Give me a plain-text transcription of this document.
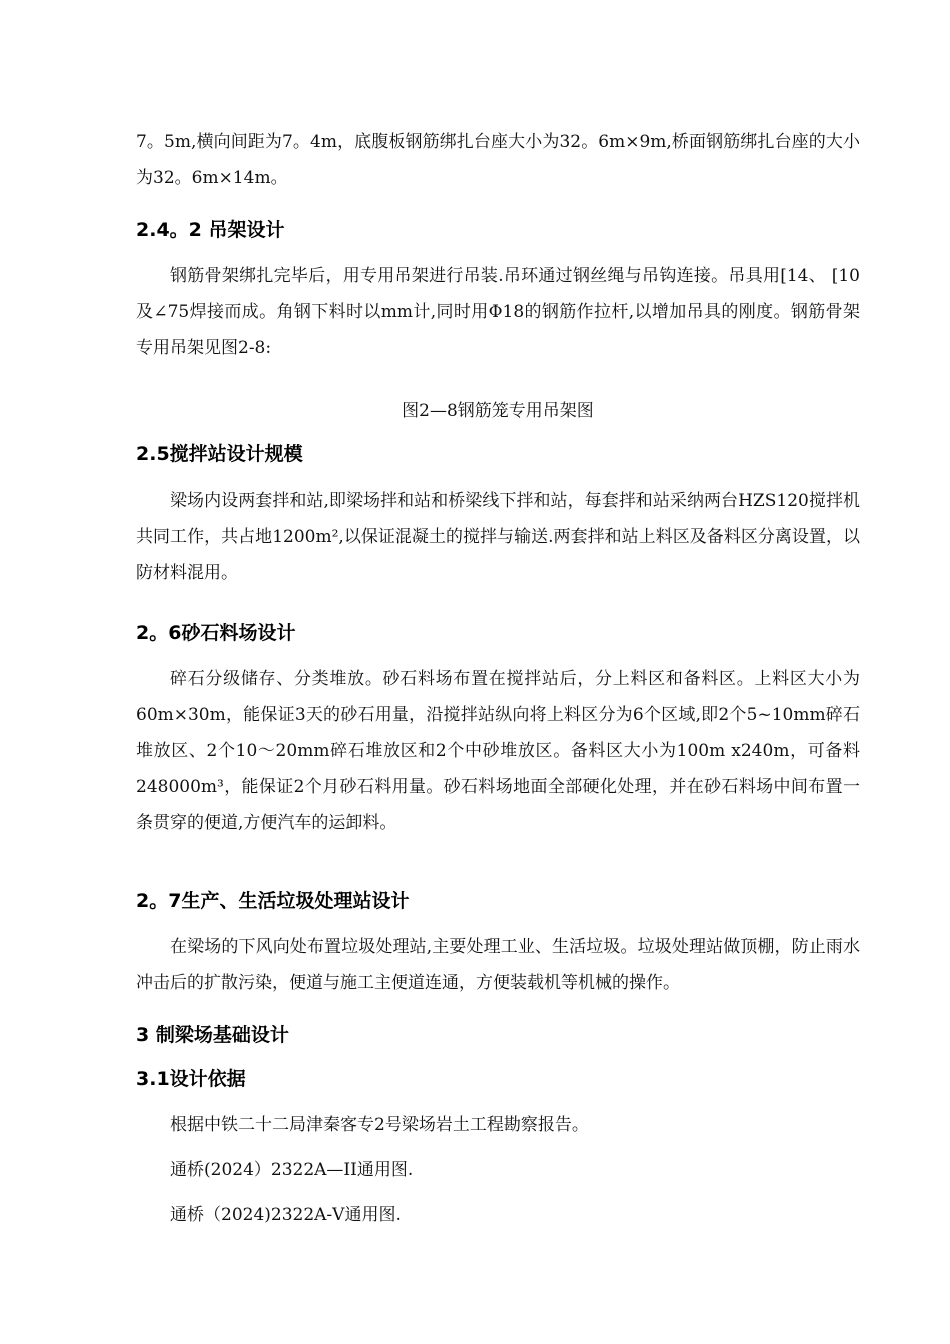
7。5m,横向间距为7。4m，底腹板钢筋绑扎台座大小为32。6m×9m,桥面钢筋绑扎台座的大小为32。6m×14m。

2.4。2 吊架设计

钢筋骨架绑扎完毕后，用专用吊架进行吊装.吊环通过钢丝绳与吊钩连接。吊具用[14、 [10及∠75焊接而成。角钢下料时以mm计,同时用Φ18的钢筋作拉杆,以增加吊具的刚度。钢筋骨架专用吊架见图2-8:

图2—8钢筋笼专用吊架图

2.5搅拌站设计规模

梁场内设两套拌和站,即梁场拌和站和桥梁线下拌和站，每套拌和站采纳两台HZS120搅拌机共同工作，共占地1200m²,以保证混凝土的搅拌与输送.两套拌和站上料区及备料区分离设置，以防材料混用。

2。6砂石料场设计

碎石分级储存、分类堆放。砂石料场布置在搅拌站后，分上料区和备料区。上料区大小为60m×30m，能保证3天的砂石用量，沿搅拌站纵向将上料区分为6个区域,即2个5~10mm碎石堆放区、2个10～20mm碎石堆放区和2个中砂堆放区。备料区大小为100m x240m，可备料248000m³，能保证2个月砂石料用量。砂石料场地面全部硬化处理，并在砂石料场中间布置一条贯穿的便道,方便汽车的运卸料。

2。7生产、生活垃圾处理站设计

在梁场的下风向处布置垃圾处理站,主要处理工业、生活垃圾。垃圾处理站做顶棚，防止雨水冲击后的扩散污染，便道与施工主便道连通，方便装载机等机械的操作。

3 制梁场基础设计
3.1设计依据

根据中铁二十二局津秦客专2号梁场岩土工程勘察报告。

通桥(2024）2322A—II通用图.

通桥（2024)2322A-Ⅴ通用图.
